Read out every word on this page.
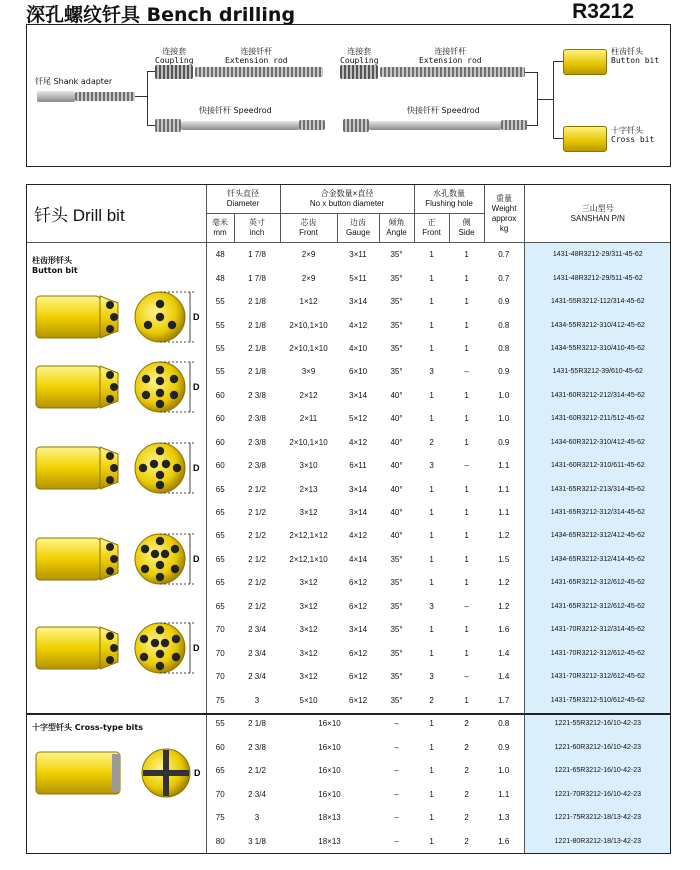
深孔螺纹钎具 Bench drilling	R3212
钎尾 Shank adapter
连接套
Coupling
连接钎杆
Extension rod
连接套
Coupling
连接钎杆
Extension rod
快接钎杆 Speedrod	快接钎杆 Speedrod
柱齿钎头
Button bit
十字钎头
Cross bit
钎头 Drill bit	钎头直径
Diameter		合金数量×直径
No x button diameter			水孔数量
Flushing hole		重量
Weight
approx
kg	三山型号
SANSHAN P/N
	毫米
mm	英寸
inch	芯齿
Front	边齿
Gauge	倾角
Angle	正
Front	侧
Side		
	48	1 7/8	2×9	3×11	35°	1	1	0.7	1431-48R3212-29/311-45-62
	48	1 7/8	2×9	5×11	35°	1	1	0.7	1431-48R3212-29/511-45-62
	55	2 1/8	1×12	3×14	35°	1	1	0.9	1431-55R3212-112/314-45-62
	55	2 1/8	2×10,1×10	4×12	35°	1	1	0.8	1434-55R3212-310/412-45-62
	55	2 1/8	2×10,1×10	4×10	35°	1	1	0.8	1434-55R3212-310/410-45-62
	55	2 1/8	3×9	6×10	35°	3	–	0.9	1431-55R3212-39/610-45-62
	60	2 3/8	2×12	3×14	40°	1	1	1.0	1431-60R3212-212/314-45-62
	60	2 3/8	2×11	5×12	40°	1	1	1.0	1431-60R3212-211/512-45-62
	60	2 3/8	2×10,1×10	4×12	40°	2	1	0.9	1434-60R3212-310/412-45-62
	60	2 3/8	3×10	6×11	40°	3	–	1.1	1431-60R3212-310/611-45-62
	65	2 1/2	2×13	3×14	40°	1	1	1.1	1431-65R3212-213/314-45-62
	65	2 1/2	3×12	3×14	40°	1	1	1.1	1431-65R3212-312/314-45-62
	65	2 1/2	2×12,1×12	4×12	40°	1	1	1.2	1434-65R3212-312/412-45-62
	65	2 1/2	2×12,1×10	4×14	35°	1	1	1.5	1434-65R3212-312/414-45-62
	65	2 1/2	3×12	6×12	35°	1	1	1.2	1431-65R3212-312/612-45-62
	65	2 1/2	3×12	6×12	35°	3	–	1.2	1431-65R3212-312/612-45-62
	70	2 3/4	3×12	3×14	35°	1	1	1.6	1431-70R3212-312/314-45-62
	70	2 3/4	3×12	6×12	35°	1	1	1.4	1431-70R3212-312/612-45-62
	70	2 3/4	3×12	6×12	35°	3	–	1.4	1431-70R3212-312/612-45-62
	75	3	5×10	6×12	35°	2	1	1.7	1431-75R3212-510/612-45-62
	55	2 1/8	16×10		–	1	2	0.8	1221-55R3212-16/10-42-23
	60	2 3/8	16×10		–	1	2	0.9	1221-60R3212-16/10-42-23
	65	2 1/2	16×10		–	1	2	1.0	1221-65R3212-16/10-42-23
	70	2 3/4	16×10		–	1	2	1.1	1221-70R3212-16/10-42-23
	75	3	18×13		–	1	2	1.3	1221-75R3212-18/13-42-23
	80	3 1/8	18×13		–	1	2	1.6	1221-80R3212-18/13-42-23
柱齿形钎头
Button bit
十字型钎头 Cross-type bits
D
D
D
D
D
D
